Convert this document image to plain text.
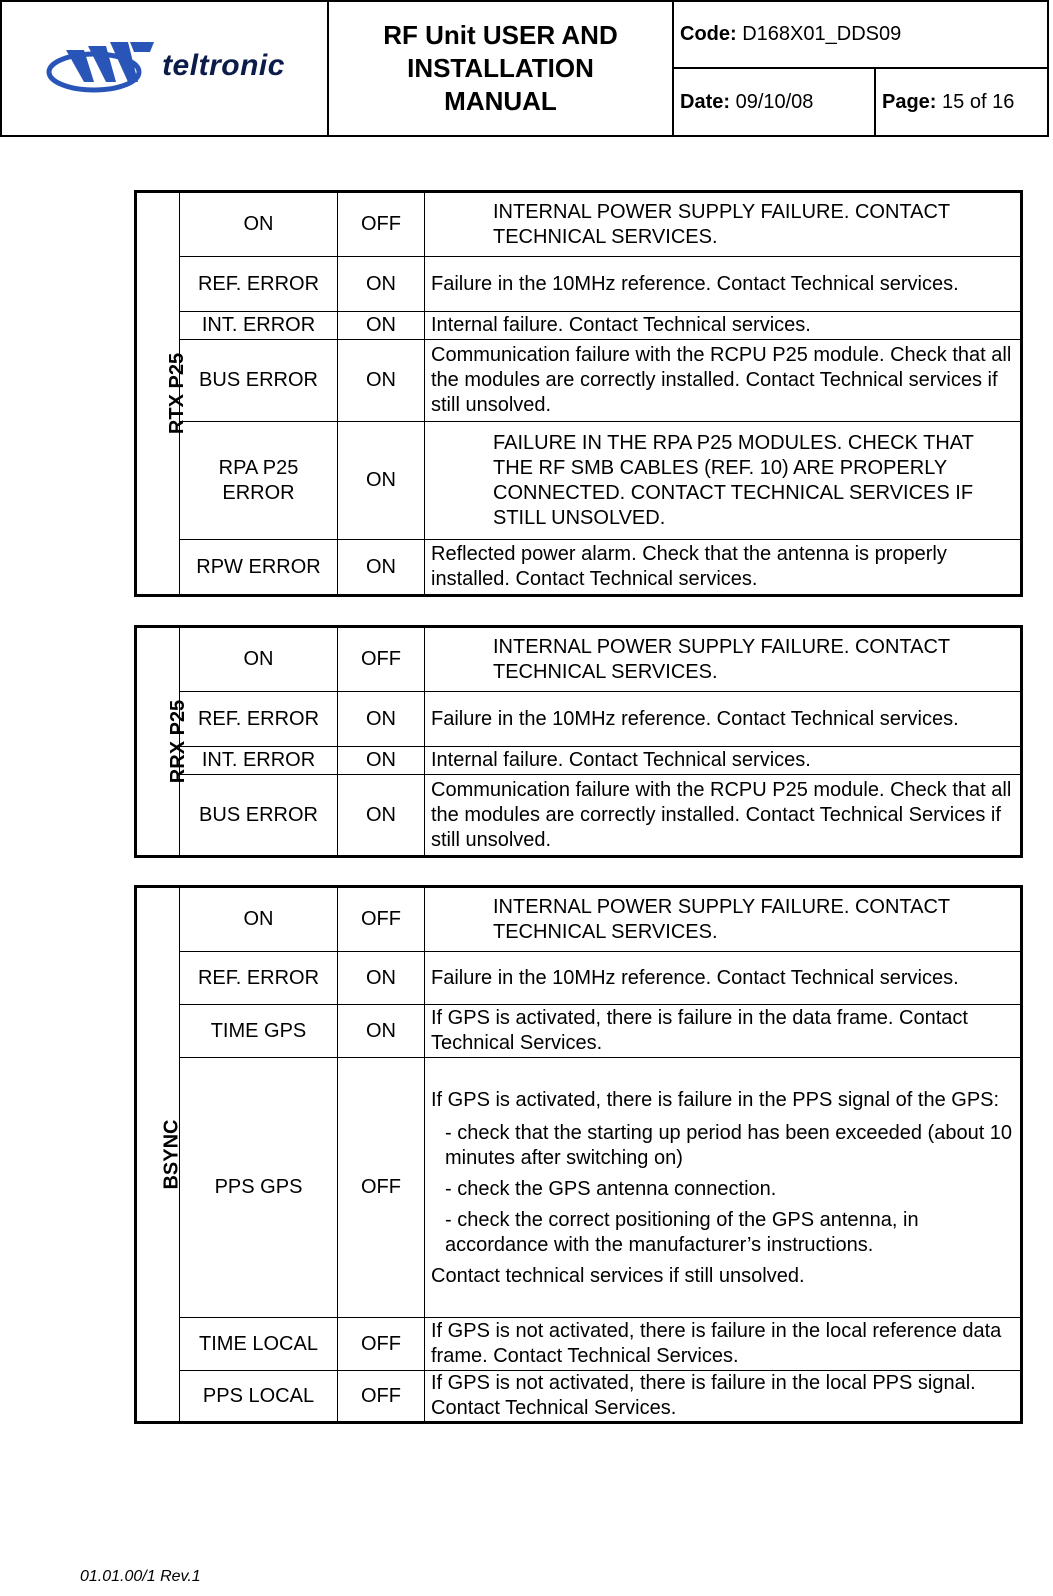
teltronic	RF Unit USER AND INSTALLATION MANUAL	Code: D168X01_DDS09	
		Date: 09/10/08	Page: 15 of 16
RTX P25	ON	OFF	INTERNAL POWER SUPPLY FAILURE. CONTACT TECHNICAL SERVICES.
	REF. ERROR	ON	Failure in the 10MHz reference. Contact Technical services.
	INT. ERROR	ON	Internal failure. Contact Technical services.
	BUS ERROR	ON	Communication failure with the RCPU P25 module. Check that all the modules are correctly installed. Contact Technical services if still unsolved.
	RPA P25 ERROR	ON	FAILURE IN THE RPA P25 MODULES. CHECK THAT THE RF SMB CABLES (REF. 10) ARE PROPERLY CONNECTED. CONTACT TECHNICAL SERVICES IF STILL UNSOLVED.
	RPW ERROR	ON	Reflected power alarm. Check that the antenna is properly installed. Contact Technical services.
RRX P25	ON	OFF	INTERNAL POWER SUPPLY FAILURE. CONTACT TECHNICAL SERVICES.
	REF. ERROR	ON	Failure in the 10MHz reference. Contact Technical services.
	INT. ERROR	ON	Internal failure. Contact Technical services.
	BUS ERROR	ON	Communication failure with the RCPU P25 module. Check that all the modules are correctly installed. Contact Technical Services if still unsolved.
BSYNC	ON	OFF	INTERNAL POWER SUPPLY FAILURE. CONTACT TECHNICAL SERVICES.
	REF. ERROR	ON	Failure in the 10MHz reference. Contact Technical services.
	TIME GPS	ON	If GPS is activated, there is failure in the data frame. Contact Technical Services.
	PPS GPS	OFF	If GPS is activated, there is failure in the PPS signal of the GPS:
- check that the starting up period has been exceeded (about 10 minutes after switching on)
- check the GPS antenna connection.
- check the correct positioning of the GPS antenna, in accordance with the manufacturer’s instructions.
Contact technical services if still unsolved.

	TIME LOCAL	OFF	If GPS is not activated, there is failure in the local reference data frame. Contact Technical Services.
	PPS LOCAL	OFF	If GPS is not activated, there is failure in the local PPS signal. Contact Technical Services.
01.01.00/1 Rev.1
